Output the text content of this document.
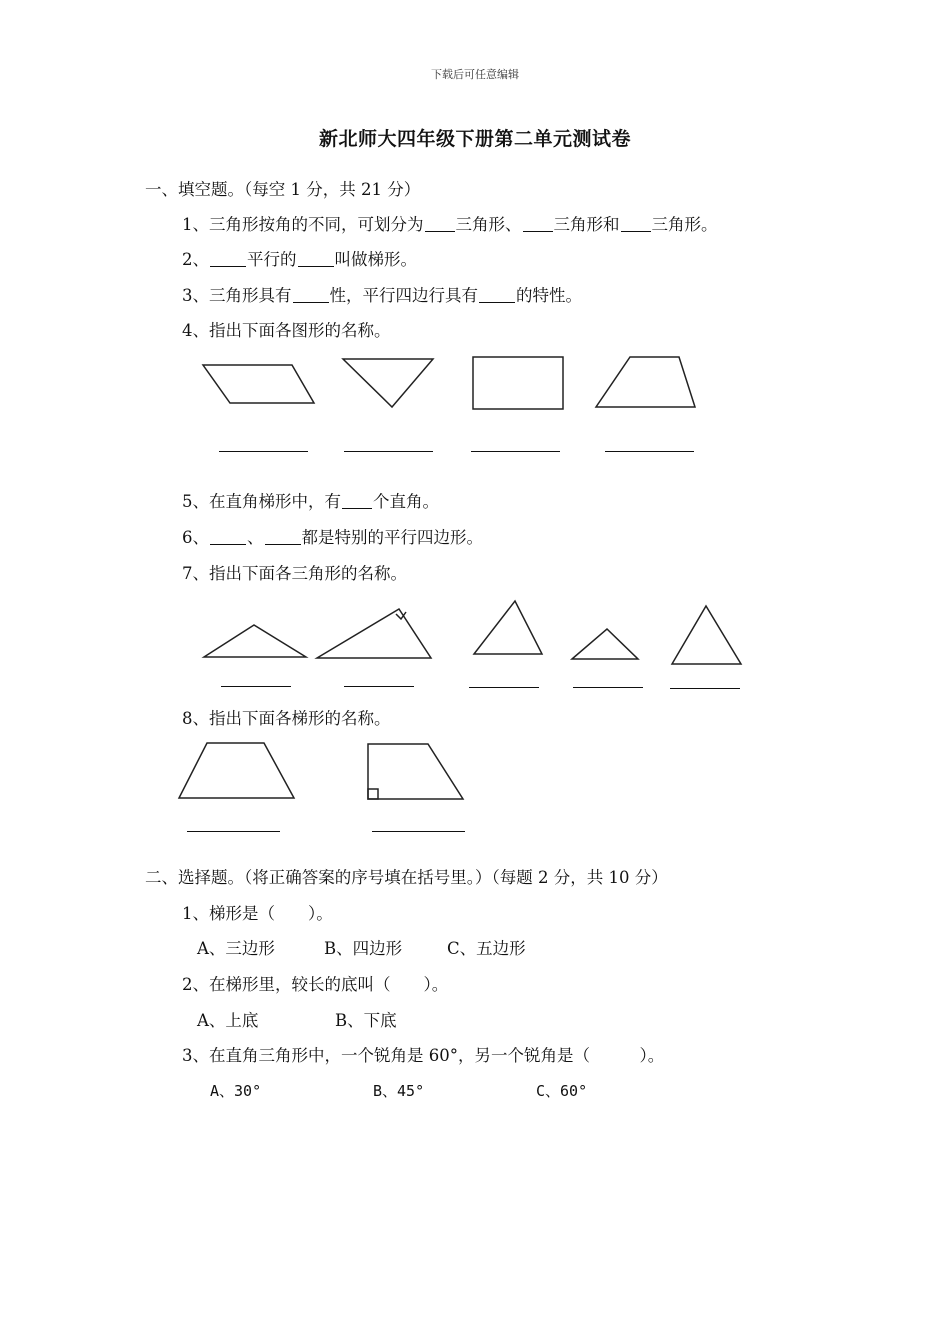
下载后可任意编辑
新北师大四年级下册第二单元测试卷
一、填空题。（每空 1 分，共 21 分）
1、三角形按角的不同，可划分为 三角形、 三角形和 三角形。
2、 平行的 叫做梯形。
3、三角形具有 性，平行四边行具有 的特性。
4、指出下面各图形的名称。
5、在直角梯形中，有 个直角。
6、 、 都是特别的平行四边形。
7、指出下面各三角形的名称。
8、指出下面各梯形的名称。
二、选择题。（将正确答案的序号填在括号里。）（每题 2 分，共 10 分）
1、梯形是（　　）。
A、三边形	B、四边形	C、五边形
2、在梯形里，较长的底叫（　　）。
A、上底	B、下底
3、在直角三角形中，一个锐角是 60°，另一个锐角是（　　　）。
A、30°	B、45°	C、60°
